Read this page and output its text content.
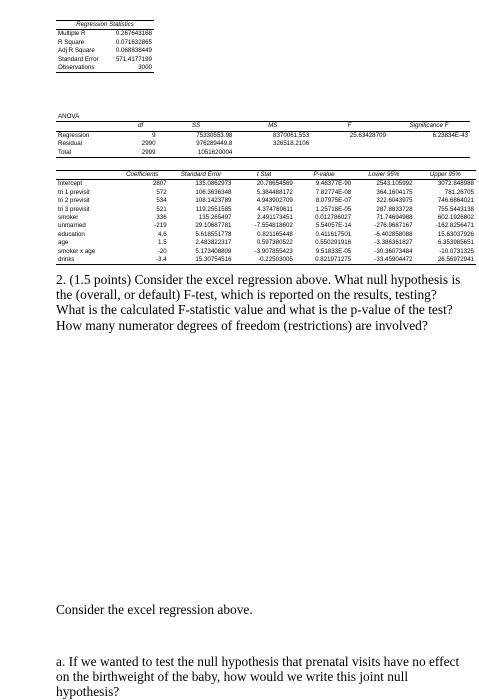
Regression Statistics	
Multiple R	0.267643168
R Square	0.071632865
Adj R Square	0.068838449
Standard Error	571.4177199
Observations	3000
ANOVA					
	df	SS	MS	F	Significance F
Regression	9	75330553.98	8370061.553	25.63428709	6.23834E-43
Residual	2990	976289449.8	326518.2106		
Total	2999	1051620004			
	Coefficients	Standard Error	t Stat	P-value	Lower 95%	Upper 95%
Intercept	2807	135.0862973	20.78654569	9.48377E-90	2543.105992	3072.848988
tri 1 previsit	572	106.3636348	5.384488172	7.82774E-08	364.1604175	781.26705
tri 2 previsit	534	108.1423789	4.943902709	8.07975E-07	322.6043975	746.6864021
tri 3 previsit	521	119.2551585	4.374769611	1.25718E-05	287.8833728	755.5443138
smoker	336	135.265497	2.491173451	0.012786027	71.74694988	602.1926802
unmarried	-219	29.10687781	-7.554818602	5.54057E-14	-276.9687167	-162.8256471
education	4.6	5.618551778	0.821165448	0.411617501	-6.402858088	15.63037926
age	1.5	2.483822317	0.597380522	0.550291916	-3.386361827	6.353985651
smoker x age	-20	5.173408809	-3.907855423	9.51833E-05	-30.36073484	-10.0731325
drinks	-3.4	15.30754516	-0.22503005	0.821971275	-33.45904472	26.56972941
2. (1.5 points) Consider the excel regression above. What null hypothesis is the (overall, or default) F-test, which is reported on the results, testing? What is the calculated F-statistic value and what is the p-value of the test? How many numerator degrees of freedom (restrictions) are involved?
Consider the excel regression above.
a. If we wanted to test the null hypothesis that prenatal visits have no effect on the birthweight of the baby, how would we write this joint null hypothesis?
